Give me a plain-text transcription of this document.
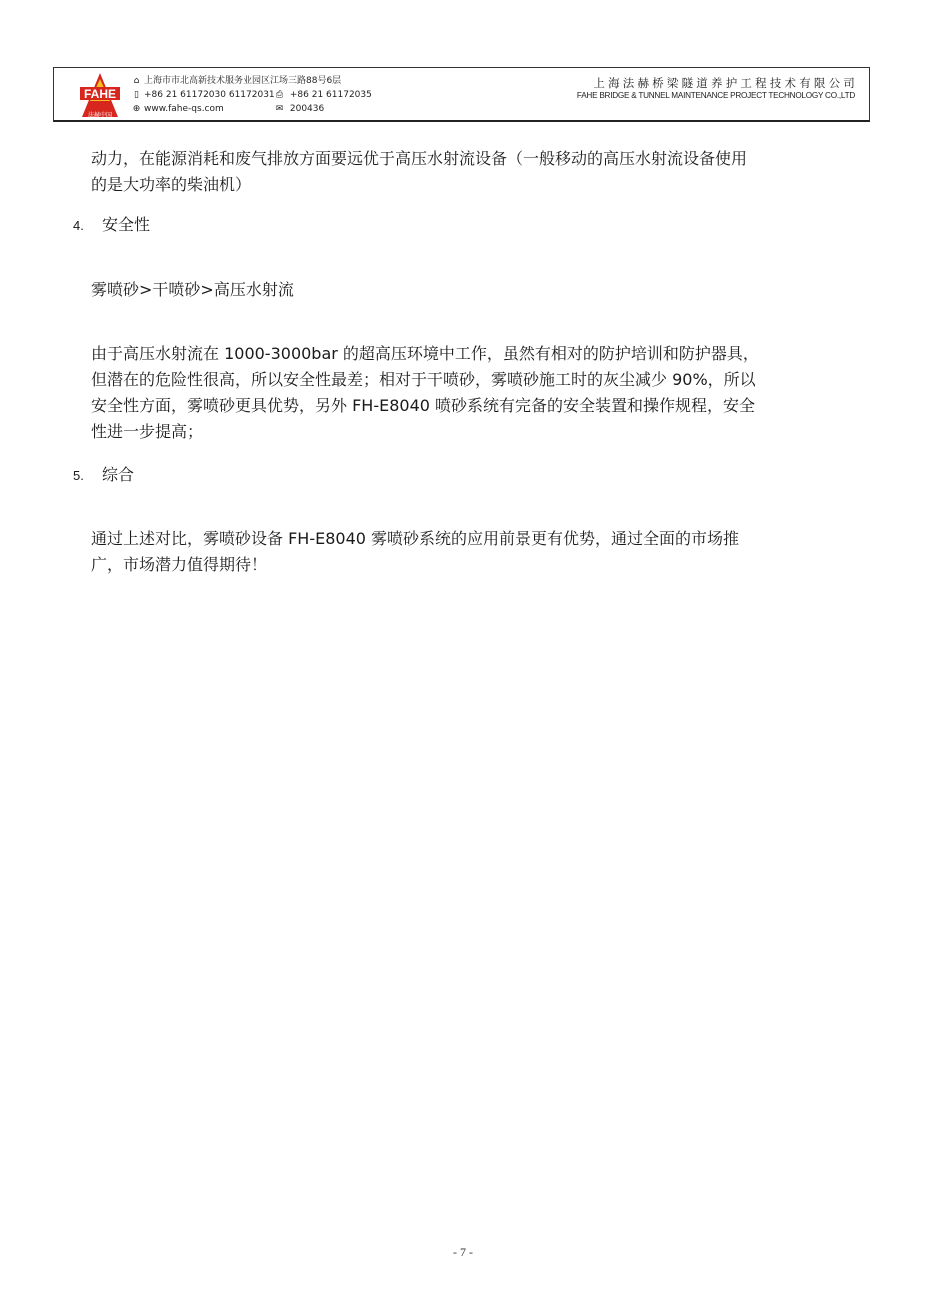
FAHE
法赫中国
⌂ 上海市市北高新技术服务业园区江场三路88号6层
▯ +86 21 61172030 61172031 ⎙ +86 21 61172035
⊕ www.fahe-qs.com	✉ 200436
上海法赫桥梁隧道养护工程技术有限公司
FAHE BRIDGE & TUNNEL MAINTENANCE PROJECT TECHNOLOGY CO.,LTD
动力，在能源消耗和废气排放方面要远优于高压水射流设备（一般移动的高压水射流设备使用
的是大功率的柴油机）
4. 安全性
雾喷砂>干喷砂>高压水射流
由于高压水射流在 1000-3000bar 的超高压环境中工作，虽然有相对的防护培训和防护器具，
但潜在的危险性很高，所以安全性最差；相对于干喷砂，雾喷砂施工时的灰尘减少 90%，所以
安全性方面，雾喷砂更具优势，另外 FH-E8040 喷砂系统有完备的安全装置和操作规程，安全
性进一步提高；
5. 综合
通过上述对比，雾喷砂设备 FH-E8040 雾喷砂系统的应用前景更有优势，通过全面的市场推
广，市场潜力值得期待！
- 7 -
